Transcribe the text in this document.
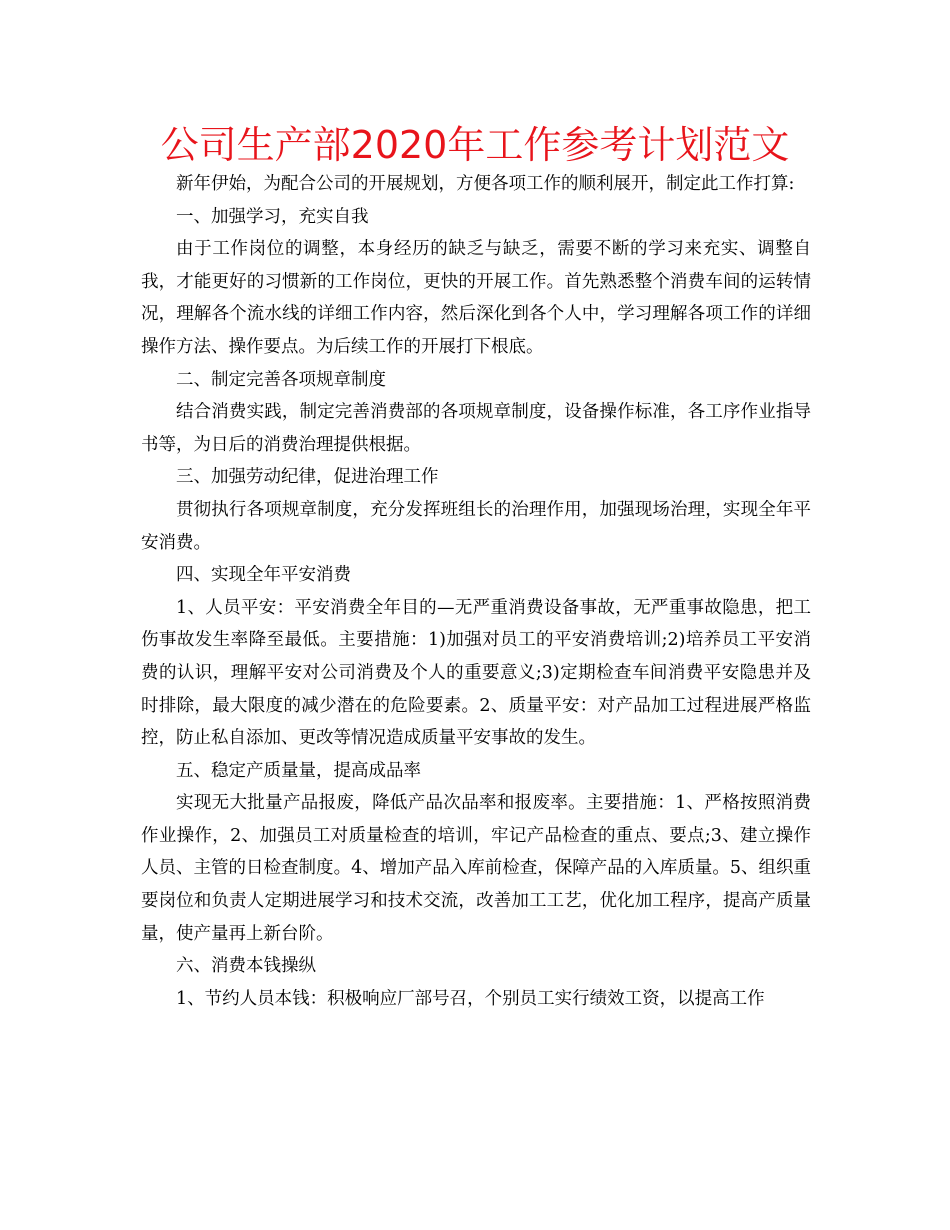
公司生产部2020年工作参考计划范文

新年伊始，为配合公司的开展规划，方便各项工作的顺利展开，制定此工作打算:

一、加强学习，充实自我

由于工作岗位的调整，本身经历的缺乏与缺乏，需要不断的学习来充实、调整自我，才能更好的习惯新的工作岗位，更快的开展工作。首先熟悉整个消费车间的运转情况，理解各个流水线的详细工作内容，然后深化到各个人中，学习理解各项工作的详细操作方法、操作要点。为后续工作的开展打下根底。

二、制定完善各项规章制度

结合消费实践，制定完善消费部的各项规章制度，设备操作标准，各工序作业指导书等，为日后的消费治理提供根据。

三、加强劳动纪律，促进治理工作

贯彻执行各项规章制度，充分发挥班组长的治理作用，加强现场治理，实现全年平安消费。

四、实现全年平安消费

1、人员平安：平安消费全年目的—无严重消费设备事故，无严重事故隐患，把工伤事故发生率降至最低。主要措施：1)加强对员工的平安消费培训;2)培养员工平安消费的认识，理解平安对公司消费及个人的重要意义;3)定期检查车间消费平安隐患并及时排除，最大限度的减少潜在的危险要素。2、质量平安：对产品加工过程进展严格监控，防止私自添加、更改等情况造成质量平安事故的发生。

五、稳定产质量量，提高成品率

实现无大批量产品报废，降低产品次品率和报废率。主要措施：1、严格按照消费作业操作，2、加强员工对质量检查的培训，牢记产品检查的重点、要点;3、建立操作人员、主管的日检查制度。4、增加产品入库前检查，保障产品的入库质量。5、组织重要岗位和负责人定期进展学习和技术交流，改善加工工艺，优化加工程序，提高产质量量，使产量再上新台阶。

六、消费本钱操纵

1、节约人员本钱：积极响应厂部号召，个别员工实行绩效工资，以提高工作
